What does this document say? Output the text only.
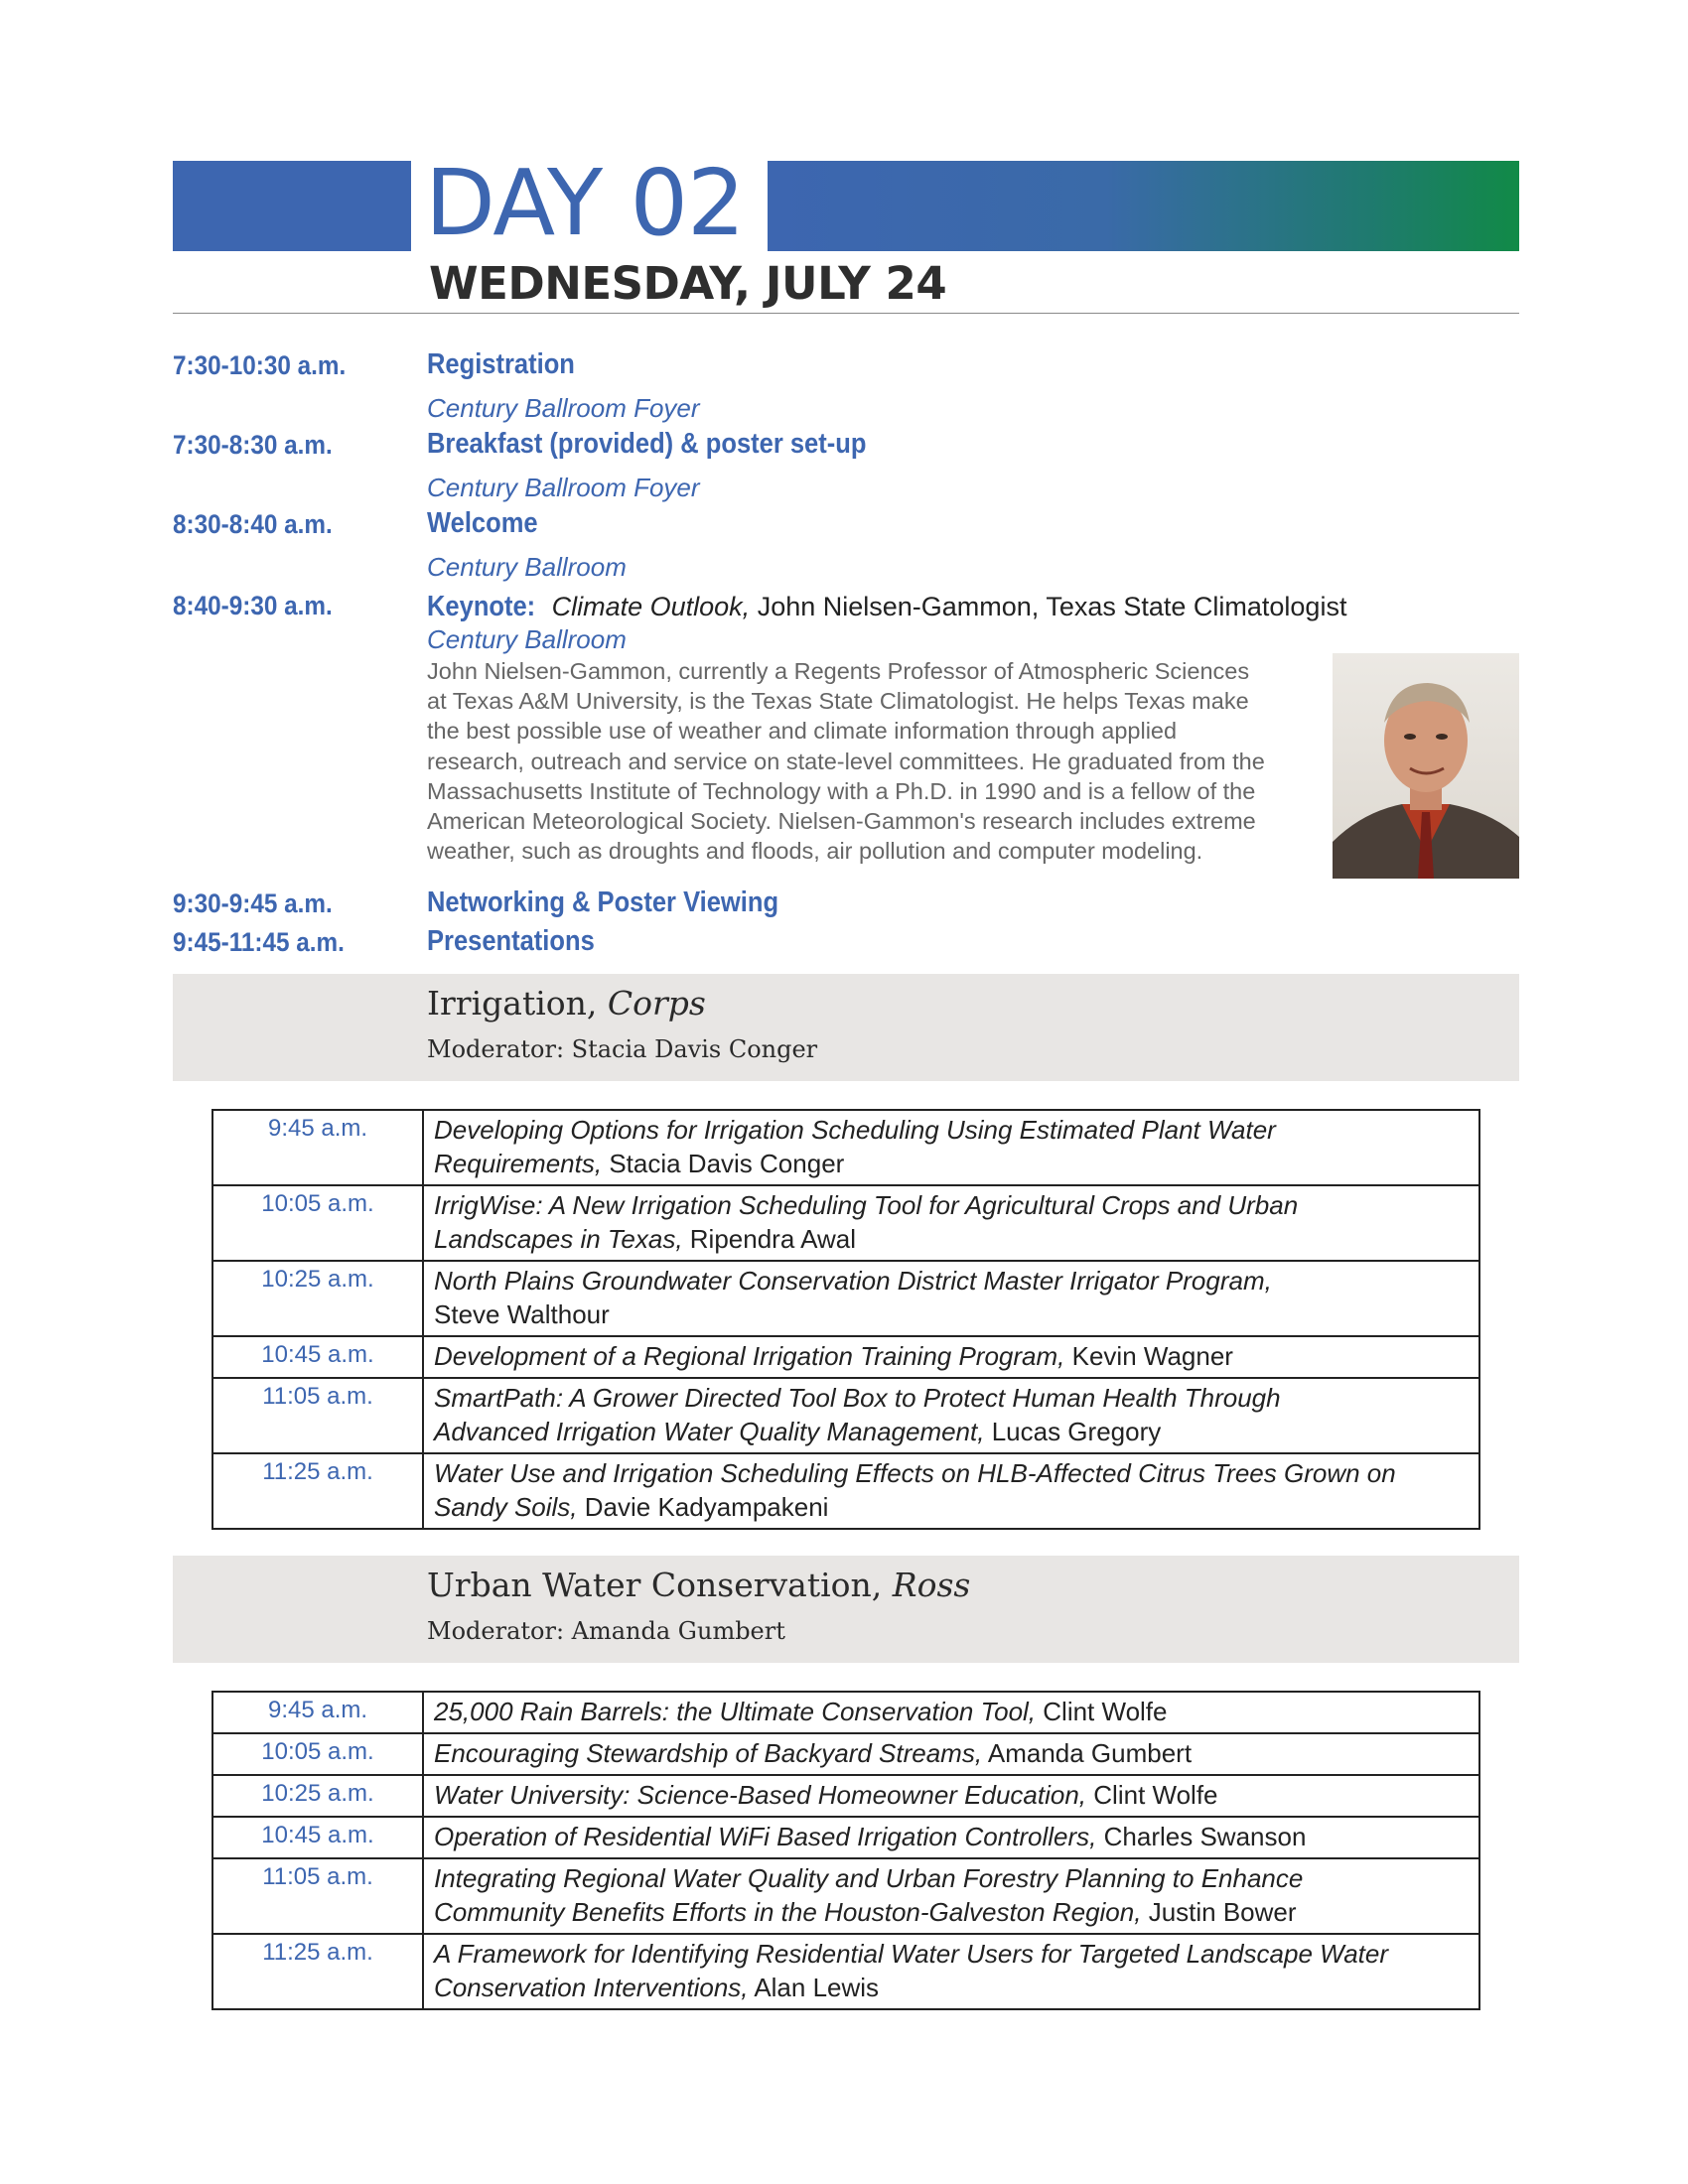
DAY 02
WEDNESDAY, JULY 24
7:30-10:30 a.m.	Registration
Century Ballroom Foyer
7:30-8:30 a.m.	Breakfast (provided) & poster set-up
Century Ballroom Foyer
8:30-8:40 a.m.	Welcome
Century Ballroom
8:40-9:30 a.m.	Keynote: Climate Outlook, John Nielsen-Gammon, Texas State Climatologist
Century Ballroom

John Nielsen-Gammon, currently a Regents Professor of Atmospheric Sciences

at Texas A&M University, is the Texas State Climatologist. He helps Texas make

the best possible use of weather and climate information through applied

research, outreach and service on state-level committees. He graduated from the

Massachusetts Institute of Technology with a Ph.D. in 1990 and is a fellow of the

American Meteorological Society. Nielsen-Gammon's research includes extreme

weather, such as droughts and floods, air pollution and computer modeling.

9:30-9:45 a.m.	Networking & Poster Viewing
9:45-11:45 a.m.	Presentations
Irrigation, Corps
Moderator: Stacia Davis Conger
9:45 a.m.	Developing Options for Irrigation Scheduling Using Estimated Plant Water
Requirements, Stacia Davis Conger

10:05 a.m.	IrrigWise: A New Irrigation Scheduling Tool for Agricultural Crops and Urban
Landscapes in Texas, Ripendra Awal

10:25 a.m.	North Plains Groundwater Conservation District Master Irrigator Program,
Steve Walthour

10:45 a.m.	Development of a Regional Irrigation Training Program, Kevin Wagner

11:05 a.m.	SmartPath: A Grower Directed Tool Box to Protect Human Health Through
Advanced Irrigation Water Quality Management, Lucas Gregory

11:25 a.m.	Water Use and Irrigation Scheduling Effects on HLB-Affected Citrus Trees Grown on
Sandy Soils, Davie Kadyampakeni
Urban Water Conservation, Ross
Moderator: Amanda Gumbert
9:45 a.m.	25,000 Rain Barrels: the Ultimate Conservation Tool, Clint Wolfe

10:05 a.m.	Encouraging Stewardship of Backyard Streams, Amanda Gumbert

10:25 a.m.	Water University: Science-Based Homeowner Education, Clint Wolfe

10:45 a.m.	Operation of Residential WiFi Based Irrigation Controllers, Charles Swanson

11:05 a.m.	Integrating Regional Water Quality and Urban Forestry Planning to Enhance
Community Benefits Efforts in the Houston-Galveston Region, Justin Bower

11:25 a.m.	A Framework for Identifying Residential Water Users for Targeted Landscape Water
Conservation Interventions, Alan Lewis
